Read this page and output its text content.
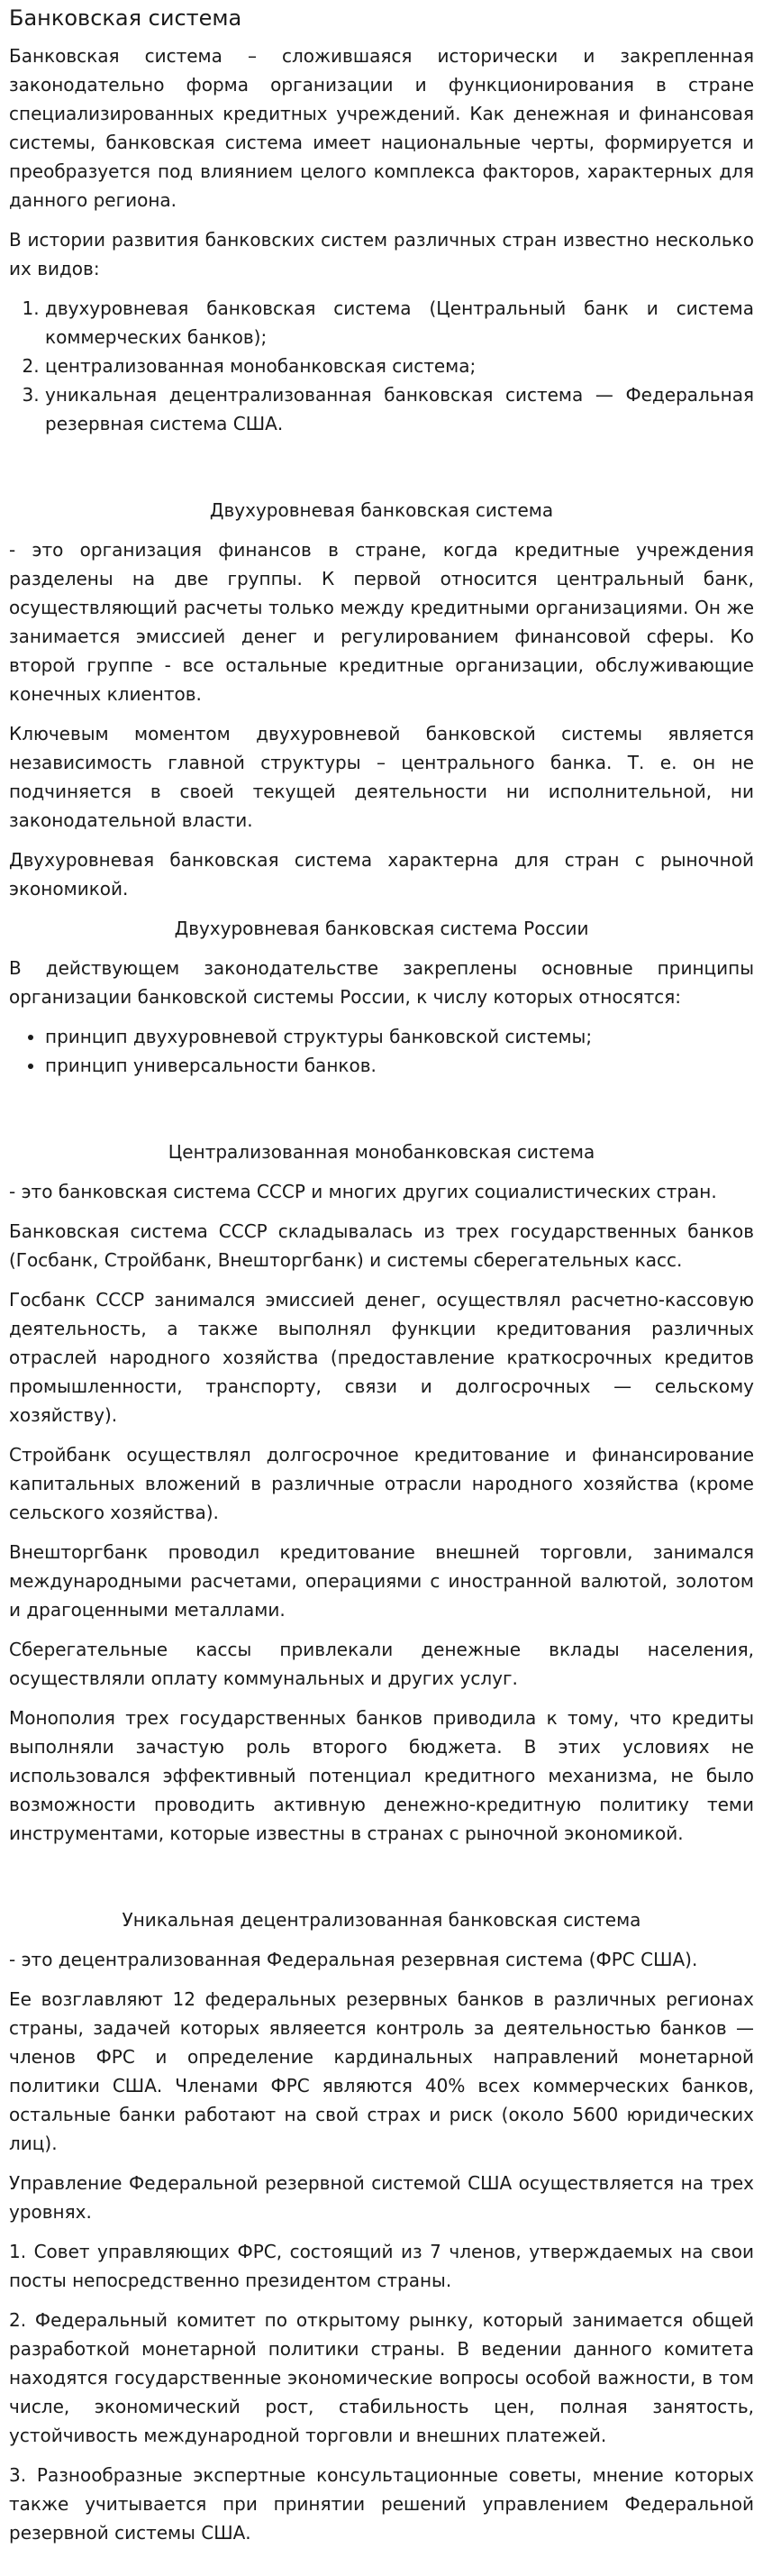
Банковская система

Банковская система – сложившаяся исторически и закрепленная законодательно форма организации и функционирования в стране специализированных кредитных учреждений. Как денежная и финансовая системы, банковская система имеет национальные черты, формируется и преобразуется под влиянием целого комплекса факторов, характерных для данного региона.

В истории развития банковских систем различных стран известно несколько их видов:

1. двухуровневая банковская система (Центральный банк и система коммерческих банков);
2. централизованная монобанковская система;
3. уникальная децентрализованная банковская система — Федеральная резервная система США.
Двухуровневая банковская система

- это организация финансов в стране, когда кредитные учреждения разделены на две группы. К первой относится центральный банк, осуществляющий расчеты только между кредитными организациями. Он же занимается эмиссией денег и регулированием финансовой сферы. Ко второй группе - все остальные кредитные организации, обслуживающие конечных клиентов.

Ключевым моментом двухуровневой банковской системы является независимость главной структуры – центрального банка. Т. е. он не подчиняется в своей текущей деятельности ни исполнительной, ни законодательной власти.

Двухуровневая банковская система характерна для стран с рыночной экономикой.

Двухуровневая банковская система России

В действующем законодательстве закреплены основные принципы организации банковской системы России, к числу которых относятся:

• принцип двухуровневой структуры банковской системы;
• принцип универсальности банков.
Централизованная монобанковская система

- это банковская система СССР и многих других социалистических стран.

Банковская система СССР складывалась из трех государственных банков (Госбанк, Стройбанк, Внешторгбанк) и системы сберегательных касс.

Госбанк СССР занимался эмиссией денег, осуществлял расчетно-кассовую деятельность, а также выполнял функции кредитования различных отраслей народного хозяйства (предоставление краткосрочных кредитов промышленности, транспорту, связи и долгосрочных — сельскому хозяйству).

Стройбанк осуществлял долгосрочное кредитование и финансирование капитальных вложений в различные отрасли народного хозяйства (кроме сельского хозяйства).

Внешторгбанк проводил кредитование внешней торговли, занимался международными расчетами, операциями с иностранной валютой, золотом и драгоценными металлами.

Сберегательные кассы привлекали денежные вклады населения, осуществляли оплату коммунальных и других услуг.

Монополия трех государственных банков приводила к тому, что кредиты выполняли зачастую роль второго бюджета. В этих условиях не использовался эффективный потенциал кредитного механизма, не было возможности проводить активную денежно-кредитную политику теми инструментами, которые известны в странах с рыночной экономикой.

Уникальная децентрализованная банковская система

- это децентрализованная Федеральная резервная система (ФРС США).

Ее возглавляют 12 федеральных резервных банков в различных регионах страны, задачей которых являеется контроль за деятельностью банков — членов ФРС и определение кардинальных направлений монетарной политики США. Членами ФРС являются 40% всех коммерческих банков, остальные банки работают на свой страх и риск (около 5600 юридических лиц).

Управление Федеральной резервной системой США осуществляется на трех уровнях.

1. Совет управляющих ФРС, состоящий из 7 членов, утверждаемых на свои посты непосредственно президентом страны.

2. Федеральный комитет по открытому рынку, который занимается общей разработкой монетарной политики страны. В ведении данного комитета находятся государственные экономические вопросы особой важности, в том числе, экономический рост, стабильность цен, полная занятость, устойчивость международной торговли и внешних платежей.

3. Разнообразные экспертные консультационные советы, мнение которых также учитывается при принятии решений управлением Федеральной резервной системы США.
